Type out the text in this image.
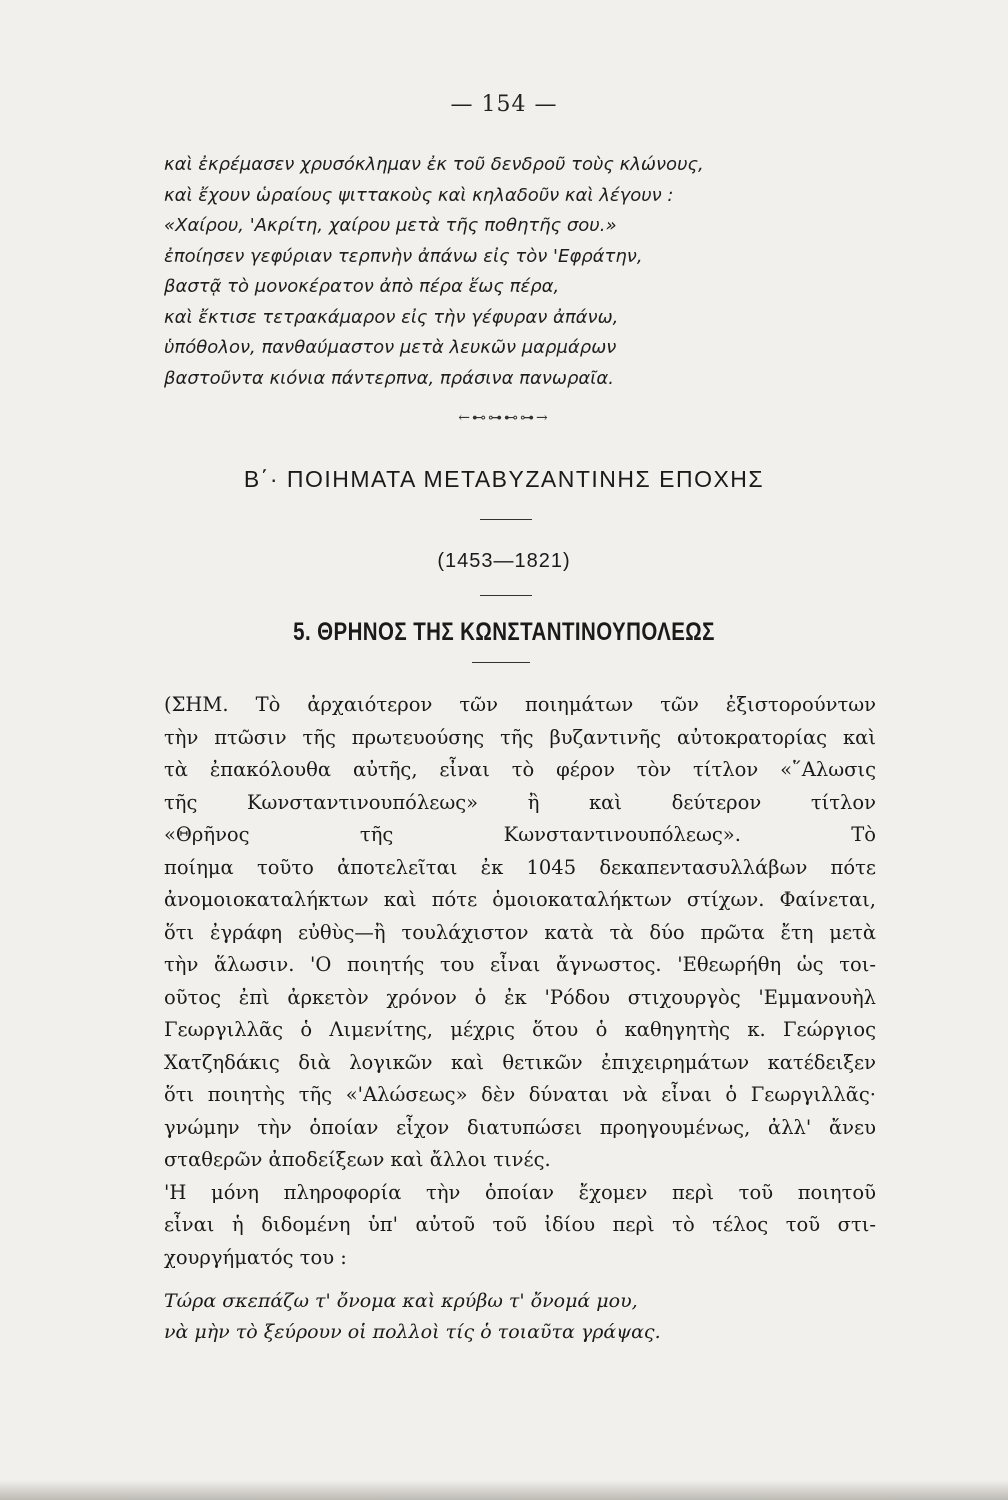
— 154 —
καὶ ἐκρέμασεν χρυσόκλημαν ἐκ τοῦ δενδροῦ τοὺς κλώνους,
καὶ ἔχουν ὡραίους ψιττακοὺς καὶ κηλαδοῦν καὶ λέγουν :
«Χαίρου, 'Ακρίτη, χαίρου μετὰ τῆς ποθητῆς σου.»
ἐποίησεν γεφύριαν τερπνὴν ἀπάνω εἰς τὸν 'Εφράτην,
βαστᾷ τὸ μονοκέρατον ἀπὸ πέρα ἕως πέρα,
καὶ ἔκτισε τετρακάμαρον εἰς τὴν γέφυραν ἀπάνω,
ὑπόθολον, πανθαύμαστον μετὰ λευκῶν μαρμάρων
βαστοῦντα κιόνια πάντερπνα, πράσινα πανωραῖα.
←⊷⊶⊷⊶→
Β΄· ΠΟΙΗΜΑΤΑ ΜΕΤΑΒΥΖΑΝΤΙΝΗΣ ΕΠΟΧΗΣ
(1453—1821)
5. ΘΡΗΝΟΣ ΤΗΣ ΚΩΝΣΤΑΝΤΙΝΟΥΠΟΛΕΩΣ
(ΣΗΜ. Τὸ ἀρχαιότερον τῶν ποιημάτων τῶν ἐξιστορούντων
τὴν πτῶσιν τῆς πρωτευούσης τῆς βυζαντινῆς αὐτοκρατορίας καὶ
τὰ ἐπακόλουθα αὐτῆς, εἶναι τὸ φέρον τὸν τίτλον «῞Αλωσις
τῆς Κωνσταντινουπόλεως» ἢ καὶ δεύτερον τίτλον
«Θρῆνος τῆς Κωνσταντινουπόλεως». Τὸ
ποίημα τοῦτο ἀποτελεῖται ἐκ 1045 δεκαπεντασυλλάβων πότε
ἀνομοιοκαταλήκτων καὶ πότε ὁμοιοκαταλήκτων στίχων. Φαίνεται,
ὅτι ἐγράφη εὐθὺς—ἢ τουλάχιστον κατὰ τὰ δύο πρῶτα ἔτη μετὰ
τὴν ἅλωσιν. 'Ο ποιητής του εἶναι ἄγνωστος. 'Εθεωρήθη ὡς τοι-
οῦτος ἐπὶ ἀρκετὸν χρόνον ὁ ἐκ 'Ρόδου στιχουργὸς 'Εμμανουὴλ
Γεωργιλλᾶς ὁ Λιμενίτης, μέχρις ὅτου ὁ καθηγητὴς κ. Γεώργιος
Χατζηδάκις διὰ λογικῶν καὶ θετικῶν ἐπιχειρημάτων κατέδειξεν
ὅτι ποιητὴς τῆς «'Αλώσεως» δὲν δύναται νὰ εἶναι ὁ Γεωργιλλᾶς·
γνώμην τὴν ὁποίαν εἶχον διατυπώσει προηγουμένως, ἀλλ' ἄνευ
σταθερῶν ἀποδείξεων καὶ ἄλλοι τινές.
'Η μόνη πληροφορία τὴν ὁποίαν ἔχομεν περὶ τοῦ ποιητοῦ
εἶναι ἡ διδομένη ὑπ' αὐτοῦ τοῦ ἰδίου περὶ τὸ τέλος τοῦ στι-
χουργήματός του :
Τώρα σκεπάζω τ' ὄνομα καὶ κρύβω τ' ὄνομά μου,
νὰ μὴν τὸ ξεύρουν οἱ πολλοὶ τίς ὁ τοιαῦτα γράψας.
